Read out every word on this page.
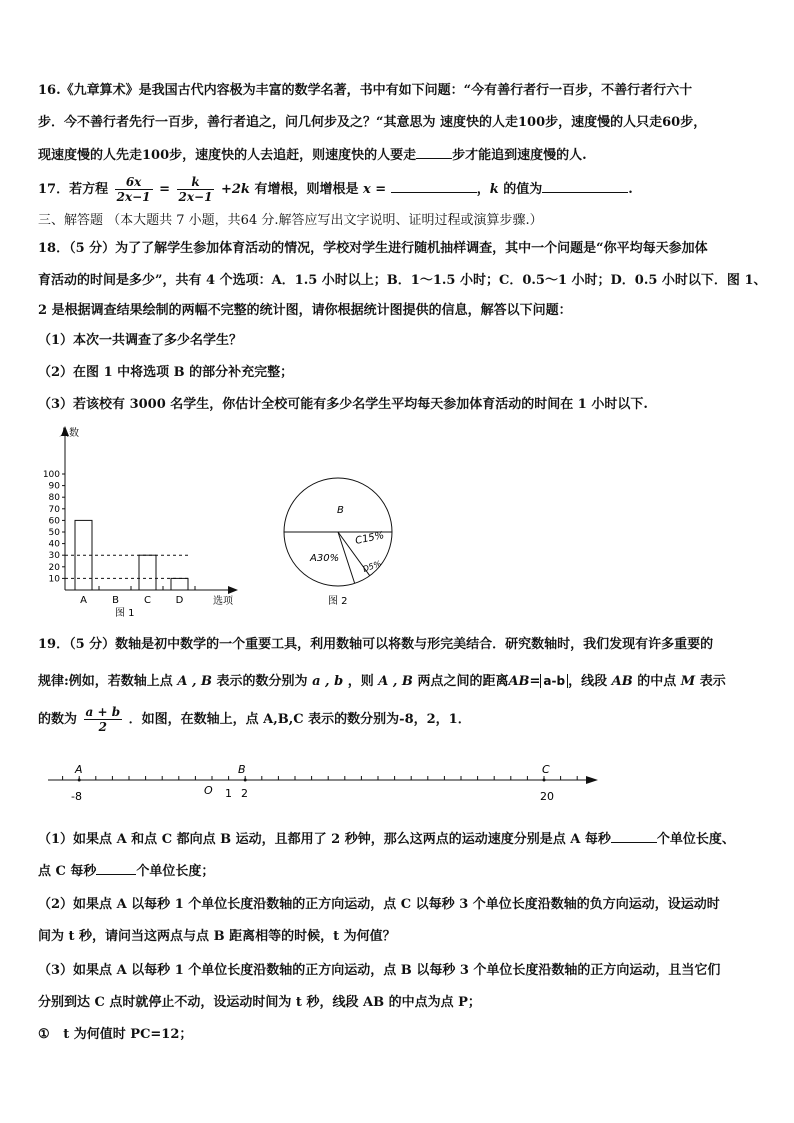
16.《九章算术》是我国古代内容极为丰富的数学名著，书中有如下问题：“今有善行者行一百步，不善行者行六十
步．今不善行者先行一百步，善行者追之，问几何步及之？“其意思为 速度快的人走100步，速度慢的人只走60步，
现速度慢的人先走100步，速度快的人去追赶，则速度快的人要走	步才能追到速度慢的人.
17．若方程 $\frac{6x}{2x-1} = \frac{k}{2x-1} +2k$ 有增根，则增根是 x =	，k 的值为	.
三、解答题 （本大题共 7 小题，共64 分.解答应写出文字说明、证明过程或演算步骤.）
18．（5 分）为了了解学生参加体育活动的情况，学校对学生进行随机抽样调查，其中一个问题是“你平均每天参加体
育活动的时间是多少”，共有 4 个选项：A．1.5 小时以上；B．1～1.5 小时；C．0.5～1 小时；D．0.5 小时以下．图 1、
2 是根据调查结果绘制的两幅不完整的统计图，请你根据统计图提供的信息，解答以下问题：
（1）本次一共调查了多少名学生？
（2）在图 1 中将选项 B 的部分补充完整；
（3）若该校有 3000 名学生，你估计全校可能有多少名学生平均每天参加体育活动的时间在 1 小时以下.
人数
选项
图 1
10
20
30
40
50
60
70
80
90
100
A	B	C D
B
C15%
D5%
A30%
图 2
19．（5 分）数轴是初中数学的一个重要工具，利用数轴可以将数与形完美结合．研究数轴时，我们发现有许多重要的
规律:例如，若数轴上点 A , B 表示的数分别为 a , b ，则 A , B 两点之间的距离AB= a-b ，线段 AB 的中点 M 表示
的数为 $\frac{a + b}{2}$ ．如图，在数轴上，点 A,B,C 表示的数分别为-8，2，1．
A	B	C
-8	O 1 2	20
（1）如果点 A 和点 C 都向点 B 运动，且都用了 2 秒钟，那么这两点的运动速度分别是点 A 每秒	个单位长度、
点 C 每秒	个单位长度；
（2）如果点 A 以每秒 1 个单位长度沿数轴的正方向运动，点 C 以每秒 3 个单位长度沿数轴的负方向运动，设运动时
间为 t 秒，请问当这两点与点 B 距离相等的时候，t 为何值？
（3）如果点 A 以每秒 1 个单位长度沿数轴的正方向运动，点 B 以每秒 3 个单位长度沿数轴的正方向运动，且当它们
分别到达 C 点时就停止不动，设运动时间为 t 秒，线段 AB 的中点为点 P；
① t 为何值时 PC=12；
